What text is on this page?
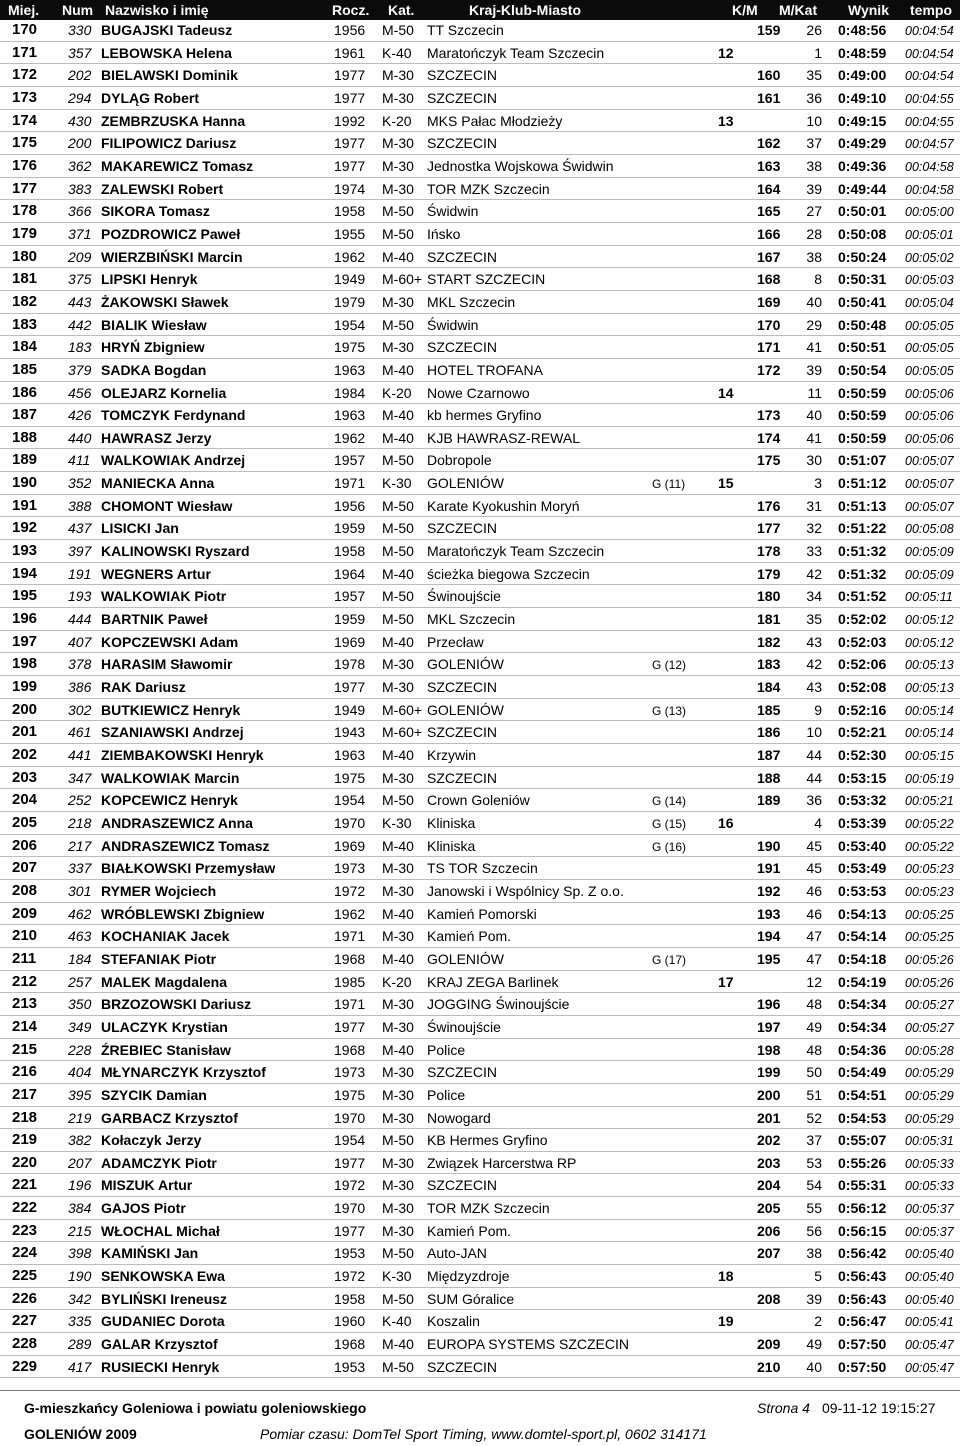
Miej. Num Nazwisko i imię	Rocz. Kat.	Kraj-Klub-Miasto	K/M M/Kat Wynik tempo
170 330 BUGAJSKI Tadeusz	1956 M-50 TT Szczecin	159	26 0:48:56 00:04:54
171 357 LEBOWSKA Helena	1961 K-40 Maratończyk Team Szczecin	12	1 0:48:59 00:04:54
172 202 BIELAWSKI Dominik	1977 M-30 SZCZECIN	160	35 0:49:00 00:04:54
173 294 DYLĄG Robert	1977 M-30 SZCZECIN	161	36 0:49:10 00:04:55
174 430 ZEMBRZUSKA Hanna	1992 K-20 MKS Pałac Młodzieży	13	10 0:49:15 00:04:55
175 200 FILIPOWICZ Dariusz	1977 M-30 SZCZECIN	162	37 0:49:29 00:04:57
176 362 MAKAREWICZ Tomasz	1977 M-30 Jednostka Wojskowa Świdwin	163	38 0:49:36 00:04:58
177 383 ZALEWSKI Robert	1974 M-30 TOR MZK Szczecin	164	39 0:49:44 00:04:58
178 366 SIKORA Tomasz	1958 M-50 Świdwin	165	27 0:50:01 00:05:00
179 371 POZDROWICZ Paweł	1955 M-50 Ińsko	166	28 0:50:08 00:05:01
180 209 WIERZBIŃSKI Marcin	1962 M-40 SZCZECIN	167	38 0:50:24 00:05:02
181 375 LIPSKI Henryk	1949 M-60+ START SZCZECIN	168	8 0:50:31 00:05:03
182 443 ŻAKOWSKI Sławek	1979 M-30 MKL Szczecin	169	40 0:50:41 00:05:04
183 442 BIALIK Wiesław	1954 M-50 Świdwin	170	29 0:50:48 00:05:05
184 183 HRYŃ Zbigniew	1975 M-30 SZCZECIN	171	41 0:50:51 00:05:05
185 379 SADKA Bogdan	1963 M-40 HOTEL TROFANA	172	39 0:50:54 00:05:05
186 456 OLEJARZ Kornelia	1984 K-20 Nowe Czarnowo	14	11 0:50:59 00:05:06
187 426 TOMCZYK Ferdynand	1963 M-40 kb hermes Gryfino	173	40 0:50:59 00:05:06
188 440 HAWRASZ Jerzy	1962 M-40 KJB HAWRASZ-REWAL	174	41 0:50:59 00:05:06
189 411 WALKOWIAK Andrzej	1957 M-50 Dobropole	175	30 0:51:07 00:05:07
190 352 MANIECKA Anna	1971 K-30 GOLENIÓW	G (11) 15	3 0:51:12 00:05:07
191 388 CHOMONT Wiesław	1956 M-50 Karate Kyokushin Moryń	176	31 0:51:13 00:05:07
192 437 LISICKI Jan	1959 M-50 SZCZECIN	177	32 0:51:22 00:05:08
193 397 KALINOWSKI Ryszard	1958 M-50 Maratończyk Team Szczecin	178	33 0:51:32 00:05:09
194 191 WEGNERS Artur	1964 M-40 ścieżka biegowa Szczecin	179	42 0:51:32 00:05:09
195 193 WALKOWIAK Piotr	1957 M-50 Świnoujście	180	34 0:51:52 00:05:11
196 444 BARTNIK Paweł	1959 M-50 MKL Szczecin	181	35 0:52:02 00:05:12
197 407 KOPCZEWSKI Adam	1969 M-40 Przecław	182	43 0:52:03 00:05:12
198 378 HARASIM Sławomir	1978 M-30 GOLENIÓW	G (12)	183	42 0:52:06 00:05:13
199 386 RAK Dariusz	1977 M-30 SZCZECIN	184	43 0:52:08 00:05:13
200 302 BUTKIEWICZ Henryk	1949 M-60+ GOLENIÓW	G (13)	185	9 0:52:16 00:05:14
201 461 SZANIAWSKI Andrzej	1943 M-60+ SZCZECIN	186	10 0:52:21 00:05:14
202 441 ZIEMBAKOWSKI Henryk	1963 M-40 Krzywin	187	44 0:52:30 00:05:15
203 347 WALKOWIAK Marcin	1975 M-30 SZCZECIN	188	44 0:53:15 00:05:19
204 252 KOPCEWICZ Henryk	1954 M-50 Crown Goleniów	G (14)	189	36 0:53:32 00:05:21
205 218 ANDRASZEWICZ Anna	1970 K-30 Kliniska	G (15) 16	4 0:53:39 00:05:22
206 217 ANDRASZEWICZ Tomasz	1969 M-40 Kliniska	G (16)	190	45 0:53:40 00:05:22
207 337 BIAŁKOWSKI Przemysław	1973 M-30 TS TOR Szczecin	191	45 0:53:49 00:05:23
208 301 RYMER Wojciech	1972 M-30 Janowski i Wspólnicy Sp. Z o.o.	192	46 0:53:53 00:05:23
209 462 WRÓBLEWSKI Zbigniew	1962 M-40 Kamień Pomorski	193	46 0:54:13 00:05:25
210 463 KOCHANIAK Jacek	1971 M-30 Kamień Pom.	194	47 0:54:14 00:05:25
211 184 STEFANIAK Piotr	1968 M-40 GOLENIÓW	G (17)	195	47 0:54:18 00:05:26
212 257 MALEK Magdalena	1985 K-20 KRAJ ZEGA Barlinek	17	12 0:54:19 00:05:26
213 350 BRZOZOWSKI Dariusz	1971 M-30 JOGGING Świnoujście	196	48 0:54:34 00:05:27
214 349 ULACZYK Krystian	1977 M-30 Świnoujście	197	49 0:54:34 00:05:27
215 228 ŹREBIEC Stanisław	1968 M-40 Police	198	48 0:54:36 00:05:28
216 404 MŁYNARCZYK Krzysztof	1973 M-30 SZCZECIN	199	50 0:54:49 00:05:29
217 395 SZYCIK Damian	1975 M-30 Police	200	51 0:54:51 00:05:29
218 219 GARBACZ Krzysztof	1970 M-30 Nowogard	201	52 0:54:53 00:05:29
219 382 Kołaczyk Jerzy	1954 M-50 KB Hermes Gryfino	202	37 0:55:07 00:05:31
220 207 ADAMCZYK Piotr	1977 M-30 Związek Harcerstwa RP	203	53 0:55:26 00:05:33
221 196 MISZUK Artur	1972 M-30 SZCZECIN	204	54 0:55:31 00:05:33
222 384 GAJOS Piotr	1970 M-30 TOR MZK Szczecin	205	55 0:56:12 00:05:37
223 215 WŁOCHAL Michał	1977 M-30 Kamień Pom.	206	56 0:56:15 00:05:37
224 398 KAMIŃSKI Jan	1953 M-50 Auto-JAN	207	38 0:56:42 00:05:40
225 190 SENKOWSKA Ewa	1972 K-30 Międzyzdroje	18	5 0:56:43 00:05:40
226 342 BYLIŃSKI Ireneusz	1958 M-50 SUM Góralice	208	39 0:56:43 00:05:40
227 335 GUDANIEC Dorota	1960 K-40 Koszalin	19	2 0:56:47 00:05:41
228 289 GALAR Krzysztof	1968 M-40 EUROPA SYSTEMS SZCZECIN	209	49 0:57:50 00:05:47
229 417 RUSIECKI Henryk	1953 M-50 SZCZECIN	210	40 0:57:50 00:05:47
G-mieszkańcy Goleniowa i powiatu goleniowskiego	Strona 4 09-11-12 19:15:27
GOLENIÓW 2009	Pomiar czasu: DomTel Sport Timing, www.domtel-sport.pl, 0602 314171
